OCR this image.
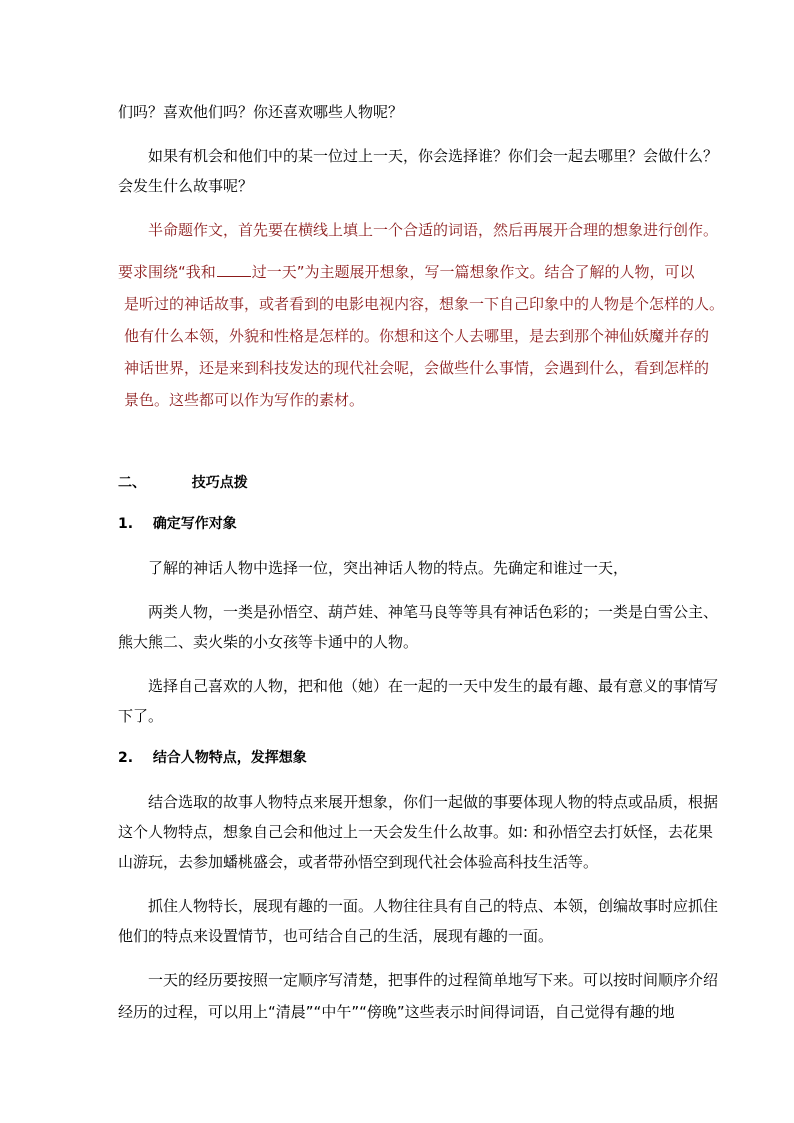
们吗？喜欢他们吗？你还喜欢哪些人物呢？

如果有机会和他们中的某一位过上一天，你会选择谁？你们会一起去哪里？会做什么？

会发生什么故事呢？

半命题作文，首先要在横线上填上一个合适的词语，然后再展开合理的想象进行创作。

要求围绕“我和 过一天”为主题展开想象，写一篇想象作文。结合了解的人物，可以

是听过的神话故事，或者看到的电影电视内容，想象一下自己印象中的人物是个怎样的人。

他有什么本领，外貌和性格是怎样的。你想和这个人去哪里，是去到那个神仙妖魔并存的

神话世界，还是来到科技发达的现代社会呢，会做些什么事情，会遇到什么，看到怎样的

景色。这些都可以作为写作的素材。

二、	技巧点拨
1. 确定写作对象

了解的神话人物中选择一位，突出神话人物的特点。先确定和谁过一天，

两类人物，一类是孙悟空、葫芦娃、神笔马良等等具有神话色彩的；一类是白雪公主、

熊大熊二、卖火柴的小女孩等卡通中的人物。

选择自己喜欢的人物，把和他（她）在一起的一天中发生的最有趣、最有意义的事情写

下了。

2. 结合人物特点，发挥想象

结合选取的故事人物特点来展开想象，你们一起做的事要体现人物的特点或品质，根据

这个人物特点，想象自己会和他过上一天会发生什么故事。如: 和孙悟空去打妖怪，去花果

山游玩，去参加蟠桃盛会，或者带孙悟空到现代社会体验高科技生活等。

抓住人物特长，展现有趣的一面。人物往往具有自己的特点、本领，创编故事时应抓住

他们的特点来设置情节，也可结合自己的生活，展现有趣的一面。

一天的经历要按照一定顺序写清楚，把事件的过程简单地写下来。可以按时间顺序介绍

经历的过程，可以用上“清晨”“中午”“傍晚”这些表示时间得词语，自己觉得有趣的地
